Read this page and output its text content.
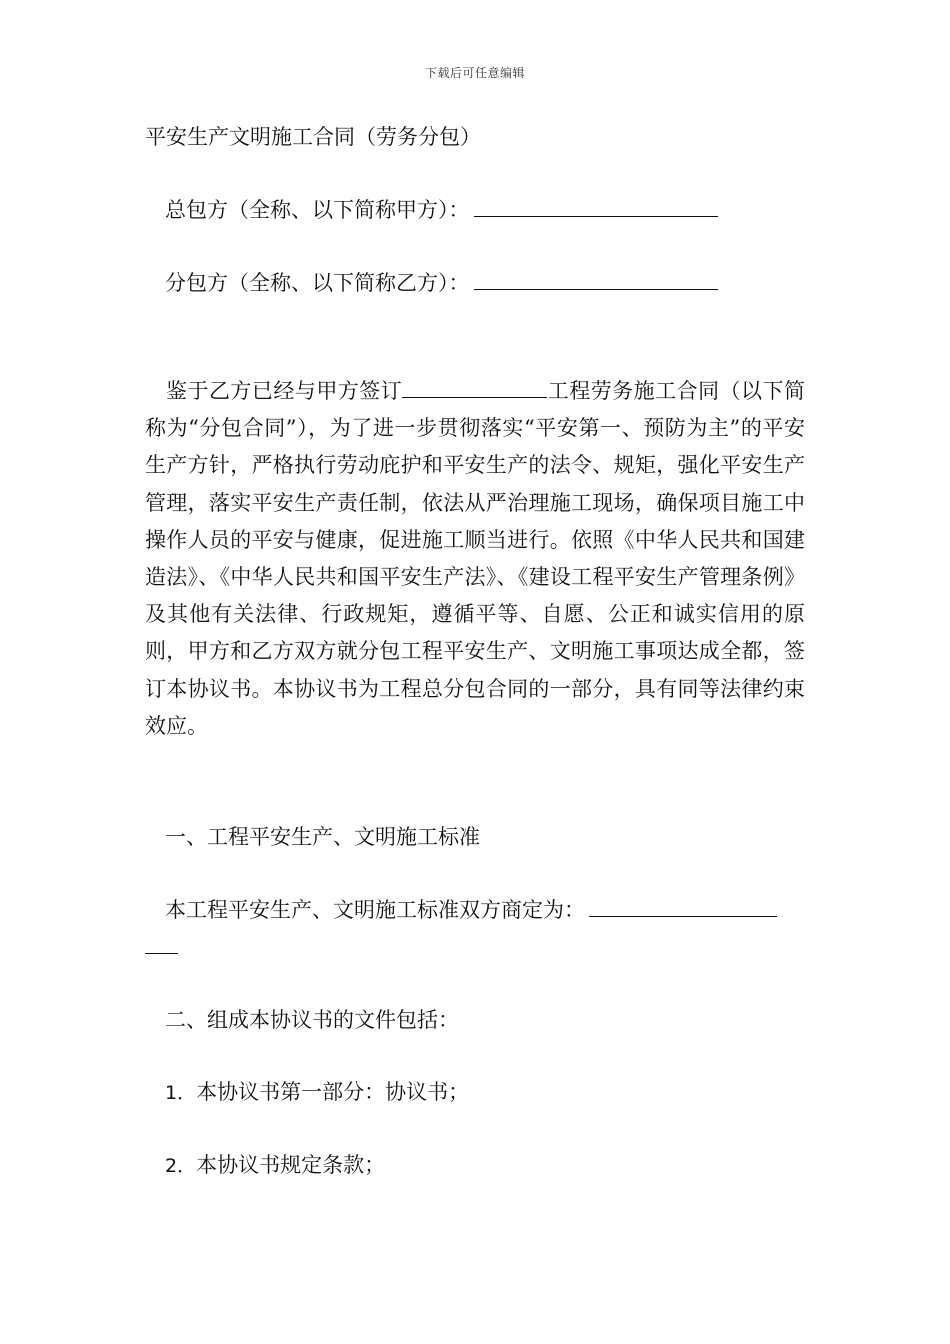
下载后可任意编辑
平安生产文明施工合同（劳务分包）
总包方（全称、以下简称甲方）：
分包方（全称、以下简称乙方）：
鉴于乙方已经与甲方签订	工程劳务施工合同（以下简称为“分包合同”），为了进一步贯彻落实“平安第一、预防为主”的平安生产方针，严格执行劳动庇护和平安生产的法令、规矩，强化平安生产管理，落实平安生产责任制，依法从严治理施工现场，确保项目施工中操作人员的平安与健康，促进施工顺当进行。依照《中华人民共和国建造法》、《中华人民共和国平安生产法》、《建设工程平安生产管理条例》及其他有关法律、行政规矩，遵循平等、自愿、公正和诚实信用的原则，甲方和乙方双方就分包工程平安生产、文明施工事项达成全都，签订本协议书。本协议书为工程总分包合同的一部分，具有同等法律约束效应。
一、工程平安生产、文明施工标准
本工程平安生产、文明施工标准双方商定为：
二、组成本协议书的文件包括：
1．本协议书第一部分：协议书；
2．本协议书规定条款；
